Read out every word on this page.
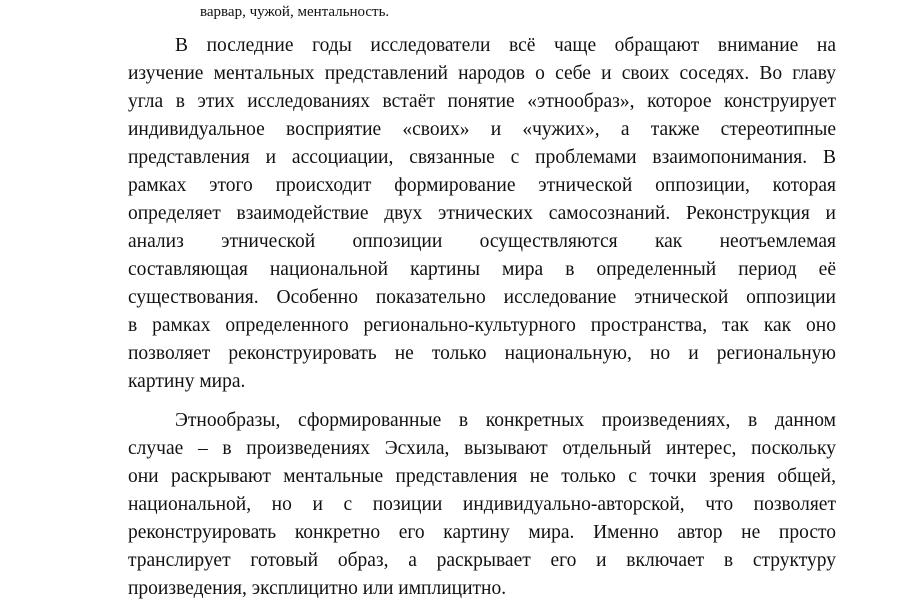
варвар, чужой, ментальность.
В последние годы исследователи всё чаще обращают внимание на
изучение ментальных представлений народов о себе и своих соседях. Во главу
угла в этих исследованиях встаёт понятие «этнообраз», которое конструирует
индивидуальное восприятие «своих» и «чужих», а также стереотипные
представления и ассоциации, связанные с проблемами взаимопонимания. В
рамках этого происходит формирование этнической оппозиции, которая
определяет взаимодействие двух этнических самосознаний. Реконструкция и
анализ этнической оппозиции осуществляются как неотъемлемая
составляющая национальной картины мира в определенный период её
существования. Особенно показательно исследование этнической оппозиции
в рамках определенного регионально-культурного пространства, так как оно
позволяет реконструировать не только национальную, но и региональную
картину мира.
Этнообразы, сформированные в конкретных произведениях, в данном
случае – в произведениях Эсхила, вызывают отдельный интерес, поскольку
они раскрывают ментальные представления не только с точки зрения общей,
национальной, но и с позиции индивидуально-авторской, что позволяет
реконструировать конкретно его картину мира. Именно автор не просто
транслирует готовый образ, а раскрывает его и включает в структуру
произведения, эксплицитно или имплицитно.
